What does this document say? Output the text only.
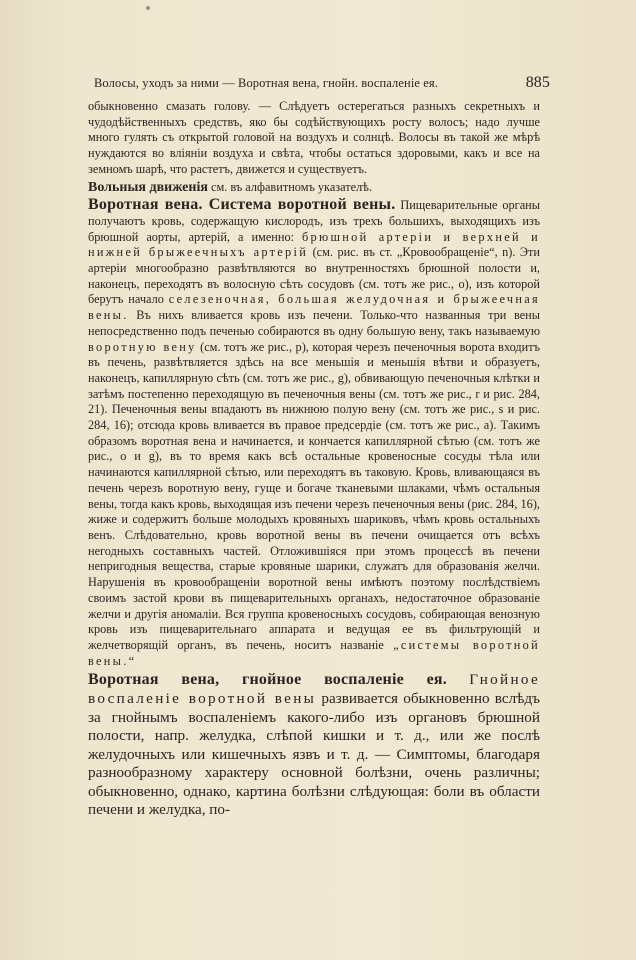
Волосы, уходъ за ними — Воротная вена, гнойн. воспаленіе ея.	885

обыкновенно смазать голову. — Слѣдуетъ остерегаться разныхъ секретныхъ и чудодѣйственныхъ средствъ, яко бы содѣйствующихъ росту волосъ; надо лучше много гулять съ открытой головой на воздухъ и солнцѣ. Волосы въ такой же мѣрѣ нуждаются во вліяніи воздуха и свѣта, чтобы остаться здоровыми, какъ и все на земномъ шарѣ, что растетъ, движется и существуетъ.

Вольныя движенія см. въ алфавитномъ указателѣ.

Воротная вена. Система воротной вены. Пищеварительные органы получаютъ кровь, содержащую кислородъ, изъ трехъ большихъ, выходящихъ изъ брюшной аорты, артерій, а именно: брюшной артеріи и верхней и нижней брыжеечныхъ артерій (см. рис. въ ст. „Кровообращеніе“, n). Эти артеріи многообразно развѣтвляются во внутренностяхъ брюшной полости и, наконецъ, переходятъ въ волосную сѣть сосудовъ (см. тотъ же рис., o), изъ которой берутъ начало селезеночная, большая желудочная и брыжеечная вены. Въ нихъ вливается кровь изъ печени. Только-что названныя три вены непосредственно подъ печенью собираются въ одну большую вену, такъ называемую воротную вену (см. тотъ же рис., p), которая черезъ печеночныя ворота входитъ въ печень, развѣтвляется здѣсь на все меньшія и меньшія вѣтви и образуетъ, наконецъ, капиллярную сѣть (см. тотъ же рис., g), обвивающую печеночныя клѣтки и затѣмъ постепенно переходящую въ печеночныя вены (см. тотъ же рис., r и рис. 284, 21). Печеночныя вены впадаютъ въ нижнюю полую вену (см. тотъ же рис., s и рис. 284, 16); отсюда кровь вливается въ правое предсердіе (см. тотъ же рис., a). Такимъ образомъ воротная вена и начинается, и кончается капиллярной сѣтью (см. тотъ же рис., o и g), въ то время какъ всѣ остальные кровеносные сосуды тѣла или начинаются капиллярной сѣтью, или переходятъ въ таковую. Кровь, вливающаяся въ печень черезъ воротную вену, гуще и богаче тканевыми шлаками, чѣмъ остальныя вены, тогда какъ кровь, выходящая изъ печени черезъ печеночныя вены (рис. 284, 16), жиже и содержитъ больше молодыхъ кровяныхъ шариковъ, чѣмъ кровь остальныхъ венъ. Слѣдовательно, кровь воротной вены въ печени очищается отъ всѣхъ негодныхъ составныхъ частей. Отложившіяся при этомъ процессѣ въ печени непригодныя вещества, старые кровяные шарики, служатъ для образованія желчи. Нарушенія въ кровообращеніи воротной вены имѣютъ поэтому послѣдствіемъ своимъ застой крови въ пищеварительныхъ органахъ, недостаточное образованіе желчи и другія аномаліи. Вся группа кровеносныхъ сосудовъ, собирающая венозную кровь изъ пищеварительнаго аппарата и ведущая ее въ фильтрующій и желчетворящій органъ, въ печень, носитъ названіе „системы воротной вены.“

Воротная вена, гнойное воспаленіе ея. Гнойное воспаленіе воротной вены развивается обыкновенно вслѣдъ за гнойнымъ воспаленіемъ какого-либо изъ органовъ брюшной полости, напр. желудка, слѣпой кишки и т. д., или же послѣ желудочныхъ или кишечныхъ язвъ и т. д. — Симптомы, благодаря разнообразному характеру основной болѣзни, очень различны; обыкновенно, однако, картина болѣзни слѣдующая: боли въ области печени и желудка, по-
